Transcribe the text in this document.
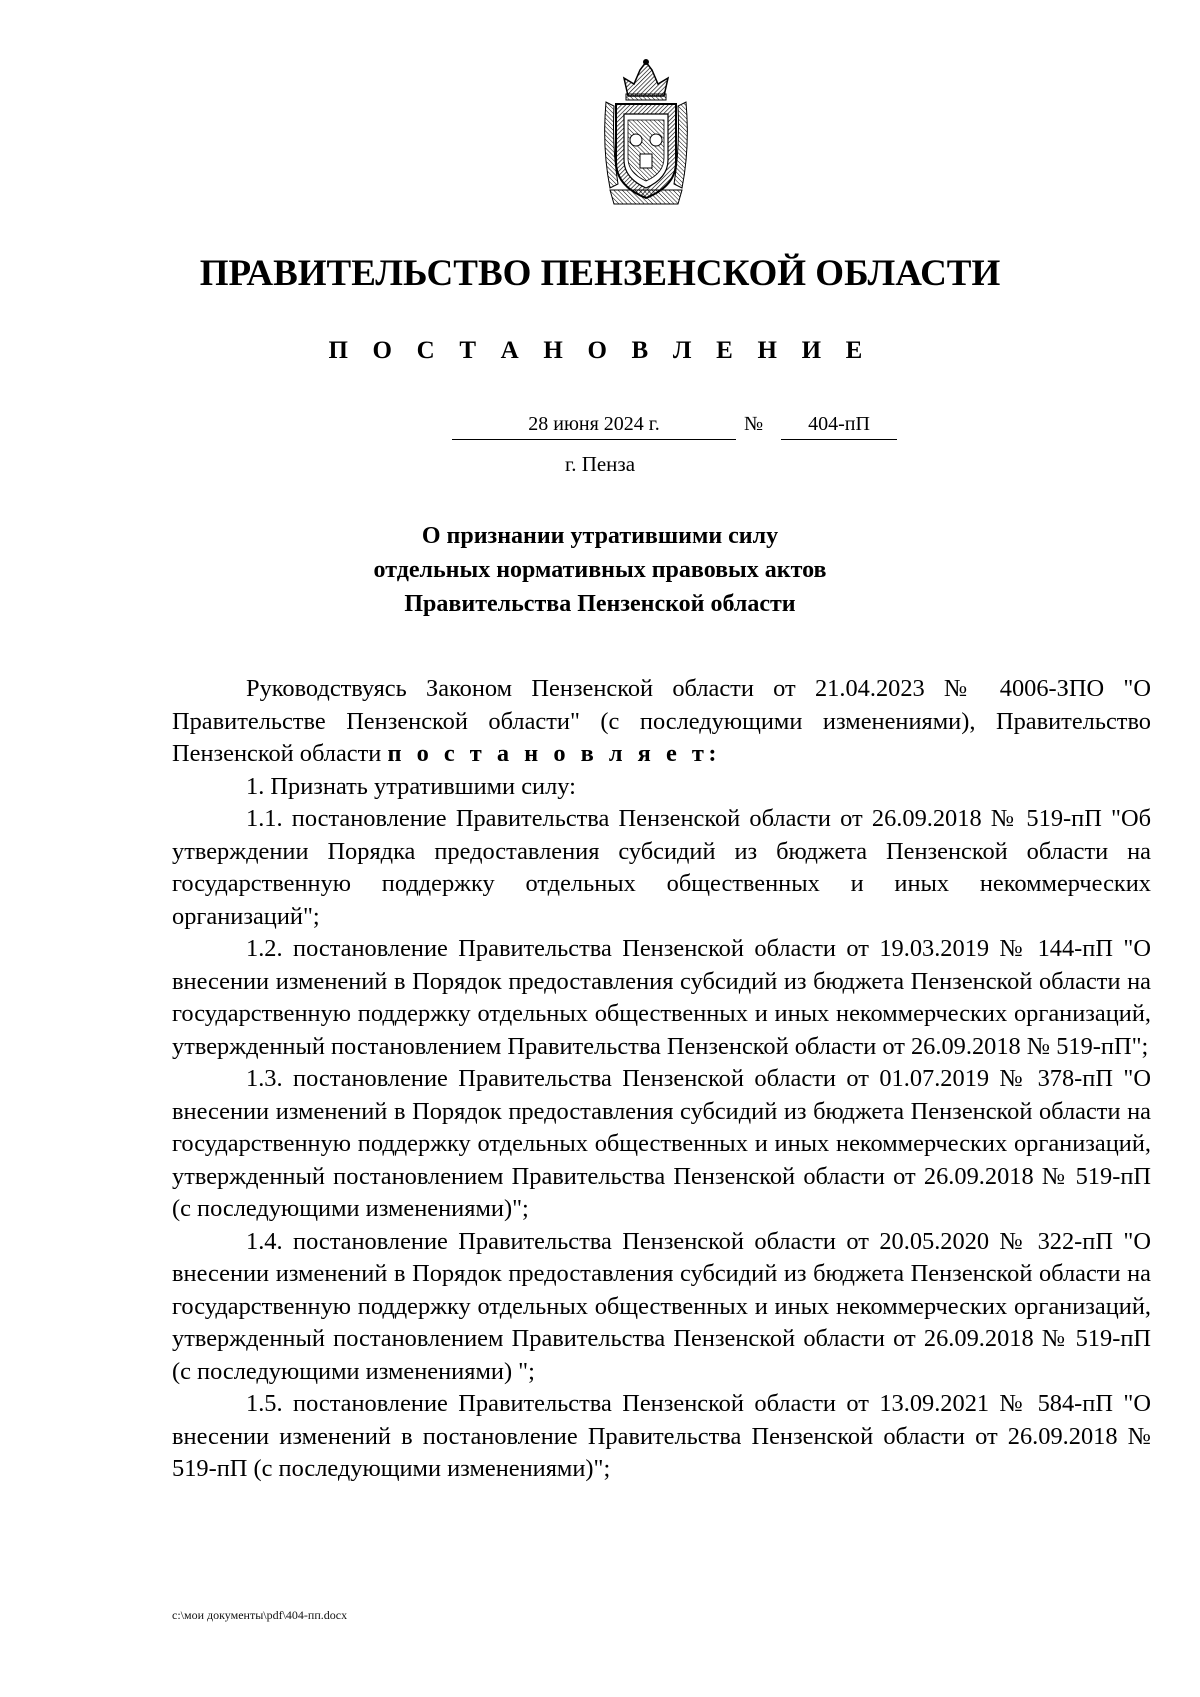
ПРАВИТЕЛЬСТВО ПЕНЗЕНСКОЙ ОБЛАСТИ
П О С Т А Н О В Л Е Н И Е
28 июня 2024 г.	№	404-пП
г. Пенза
О признании утратившими силу
отдельных нормативных правовых актов
Правительства Пензенской области

Руководствуясь Законом Пензенской области от 21.04.2023 № 4006-ЗПО "О Правительстве Пензенской области" (с последующими изменениями), Правительство Пензенской области п о с т а н о в л я е т:

1. Признать утратившими силу:

1.1. постановление Правительства Пензенской области от 26.09.2018 № 519-пП "Об утверждении Порядка предоставления субсидий из бюджета Пензенской области на государственную поддержку отдельных общественных и иных некоммерческих организаций";

1.2. постановление Правительства Пензенской области от 19.03.2019 № 144-пП "О внесении изменений в Порядок предоставления субсидий из бюджета Пензенской области на государственную поддержку отдельных общественных и иных некоммерческих организаций, утвержденный постановлением Правительства Пензенской области от 26.09.2018 № 519-пП";

1.3. постановление Правительства Пензенской области от 01.07.2019 № 378-пП "О внесении изменений в Порядок предоставления субсидий из бюджета Пензенской области на государственную поддержку отдельных общественных и иных некоммерческих организаций, утвержденный постановлением Правительства Пензенской области от 26.09.2018 № 519-пП (с последующими изменениями)";

1.4. постановление Правительства Пензенской области от 20.05.2020 № 322-пП "О внесении изменений в Порядок предоставления субсидий из бюджета Пензенской области на государственную поддержку отдельных общественных и иных некоммерческих организаций, утвержденный постановлением Правительства Пензенской области от 26.09.2018 № 519-пП (с последующими изменениями) ";

1.5. постановление Правительства Пензенской области от 13.09.2021 № 584-пП "О внесении изменений в постановление Правительства Пензенской области от 26.09.2018 № 519-пП (с последующими изменениями)";

c:\мои документы\pdf\404-пп.docx
